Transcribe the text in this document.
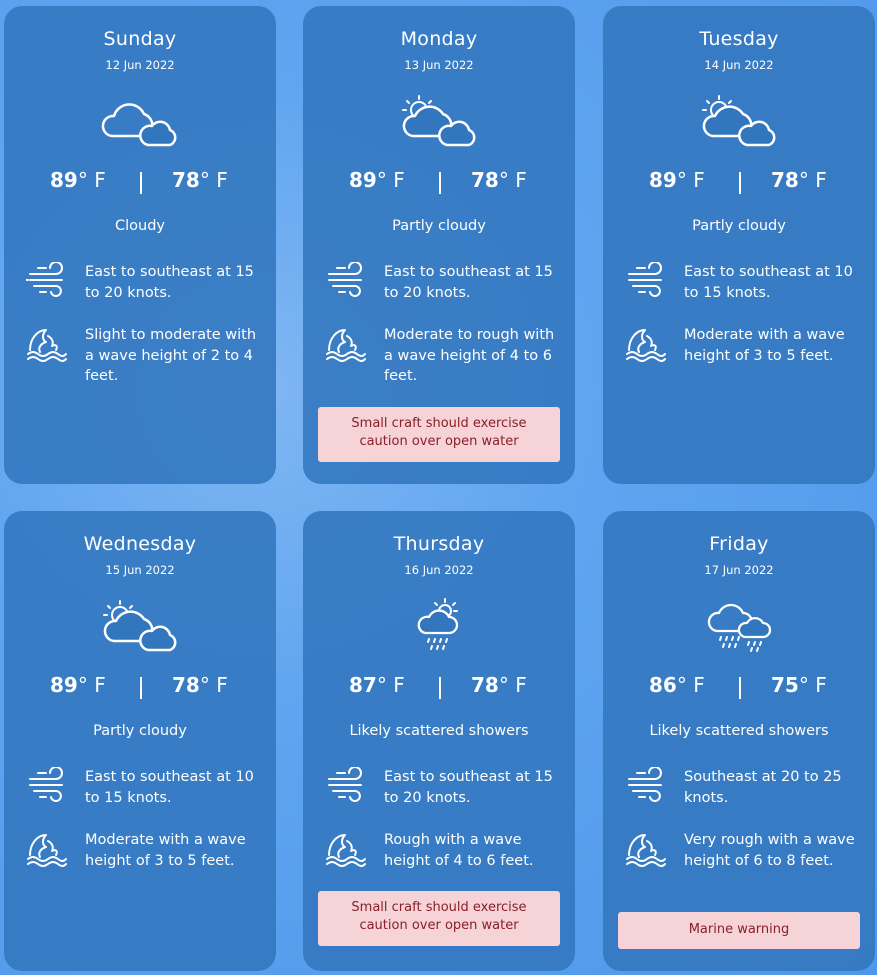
Sunday
12 Jun 2022
89° F	78° F
Cloudy
East to southeast at 15 to 20 knots.
Slight to moderate with a wave height of 2 to 4 feet.
Monday
13 Jun 2022
89° F	78° F
Partly cloudy
East to southeast at 15 to 20 knots.
Moderate to rough with a wave height of 4 to 6 feet.
Small craft should exercise caution over open water
Tuesday
14 Jun 2022
89° F	78° F
Partly cloudy
East to southeast at 10 to 15 knots.
Moderate with a wave height of 3 to 5 feet.
Wednesday
15 Jun 2022
89° F	78° F
Partly cloudy
East to southeast at 10 to 15 knots.
Moderate with a wave height of 3 to 5 feet.
Thursday
16 Jun 2022
87° F	78° F
Likely scattered showers
East to southeast at 15 to 20 knots.
Rough with a wave height of 4 to 6 feet.
Small craft should exercise caution over open water
Friday
17 Jun 2022
86° F	75° F
Likely scattered showers
Southeast at 20 to 25 knots.
Very rough with a wave height of 6 to 8 feet.
Marine warning
